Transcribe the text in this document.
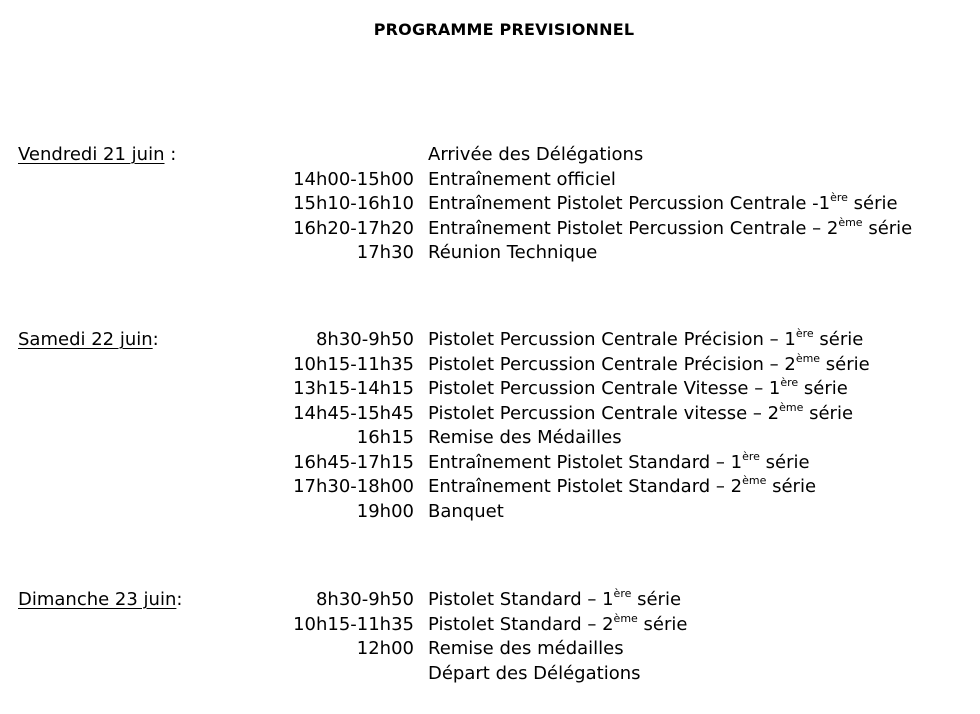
PROGRAMME PREVISIONNEL
Vendredi 21 juin :	Arrivée des Délégations
14h00-15h00 Entraînement officiel
15h10-16h10 Entraînement Pistolet Percussion Centrale -1ère série
16h20-17h20 Entraînement Pistolet Percussion Centrale – 2ème série
17h30 Réunion Technique
Samedi 22 juin:	8h30-9h50 Pistolet Percussion Centrale Précision – 1ère série
10h15-11h35 Pistolet Percussion Centrale Précision – 2ème série
13h15-14h15 Pistolet Percussion Centrale Vitesse – 1ère série
14h45-15h45 Pistolet Percussion Centrale vitesse – 2ème série
16h15 Remise des Médailles
16h45-17h15 Entraînement Pistolet Standard – 1ère série
17h30-18h00 Entraînement Pistolet Standard – 2ème série
19h00 Banquet
Dimanche 23 juin:	8h30-9h50 Pistolet Standard – 1ère série
10h15-11h35 Pistolet Standard – 2ème série
12h00 Remise des médailles
Départ des Délégations
